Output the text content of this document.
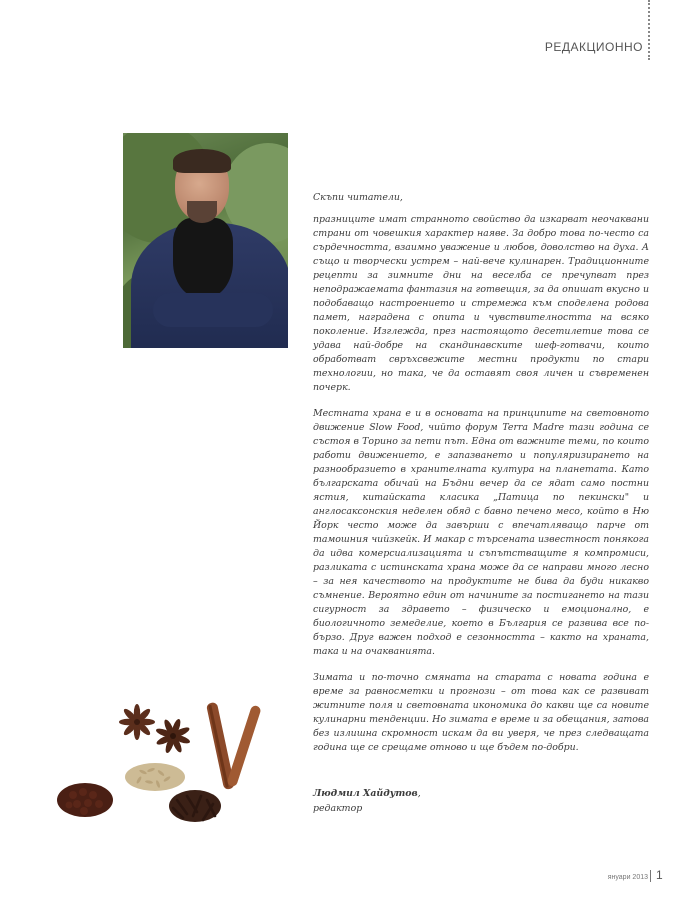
РЕДАКЦИОННО

Скъпи читатели,

празниците имат странното свойство да изкарват неочаквани страни от човешкия характер наяве. За добро това по-често са сърдечността, взаимно уважение и любов, доволство на духа. А също и творчески устрем – най-вече кулинарен. Традиционните рецепти за зимните дни на веселба се пречупват през неподражаемата фантазия на готвещия, за да опишат вкусно и подобаващо настроението и стремежа към споделена родова памет, наградена с опита и чувствителността на всяко поколение. Изглежда, през настоящото десетилетие това се удава най-добре на скандинавските шеф-готвачи, които обработват свръхсвежите местни продукти по стари технологии, но така, че да оставят своя личен и съвременен почерк.

Местната храна е и в основата на принципите на световното движение Slow Food, чийто форум Terra Madre тази година се състоя в Торино за пети път. Една от важните теми, по които работи движението, е запазването и популяризирането на разнообразието в хранителната култура на планетата. Като българската обичай на Бъдни вечер да се ядат само постни ястия, китайската класика „Патица по пекински" и англосаксонския неделен обяд с бавно печено месо, който в Ню Йорк често може да завърши с впечатляващо парче от тамошния чийзкейк. И макар с търсената известност понякога да идва комерсиализацията и съпътстващите я компромиси, разликата с истинската храна може да се направи много лесно – за нея качеството на продуктите не бива да буди никакво съмнение. Вероятно един от начините за постигането на тази сигурност за здравето – физическо и емоционално, е биологичното земеделие, което в България се развива все по-бързо. Друг важен подход е сезонността – както на храната, така и на очакванията.

Зимата и по-точно смяната на старата с новата година е време за равносметки и прогнози – от това как се развиват житните поля и световната икономика до какви ще са новите кулинарни тенденции. Но зимата е време и за обещания, затова без излишна скромност искам да ви уверя, че през следващата година ще се срещаме отново и ще бъдем по-добри.

Людмил Хайдутов,
редактор
януари 2013 1
